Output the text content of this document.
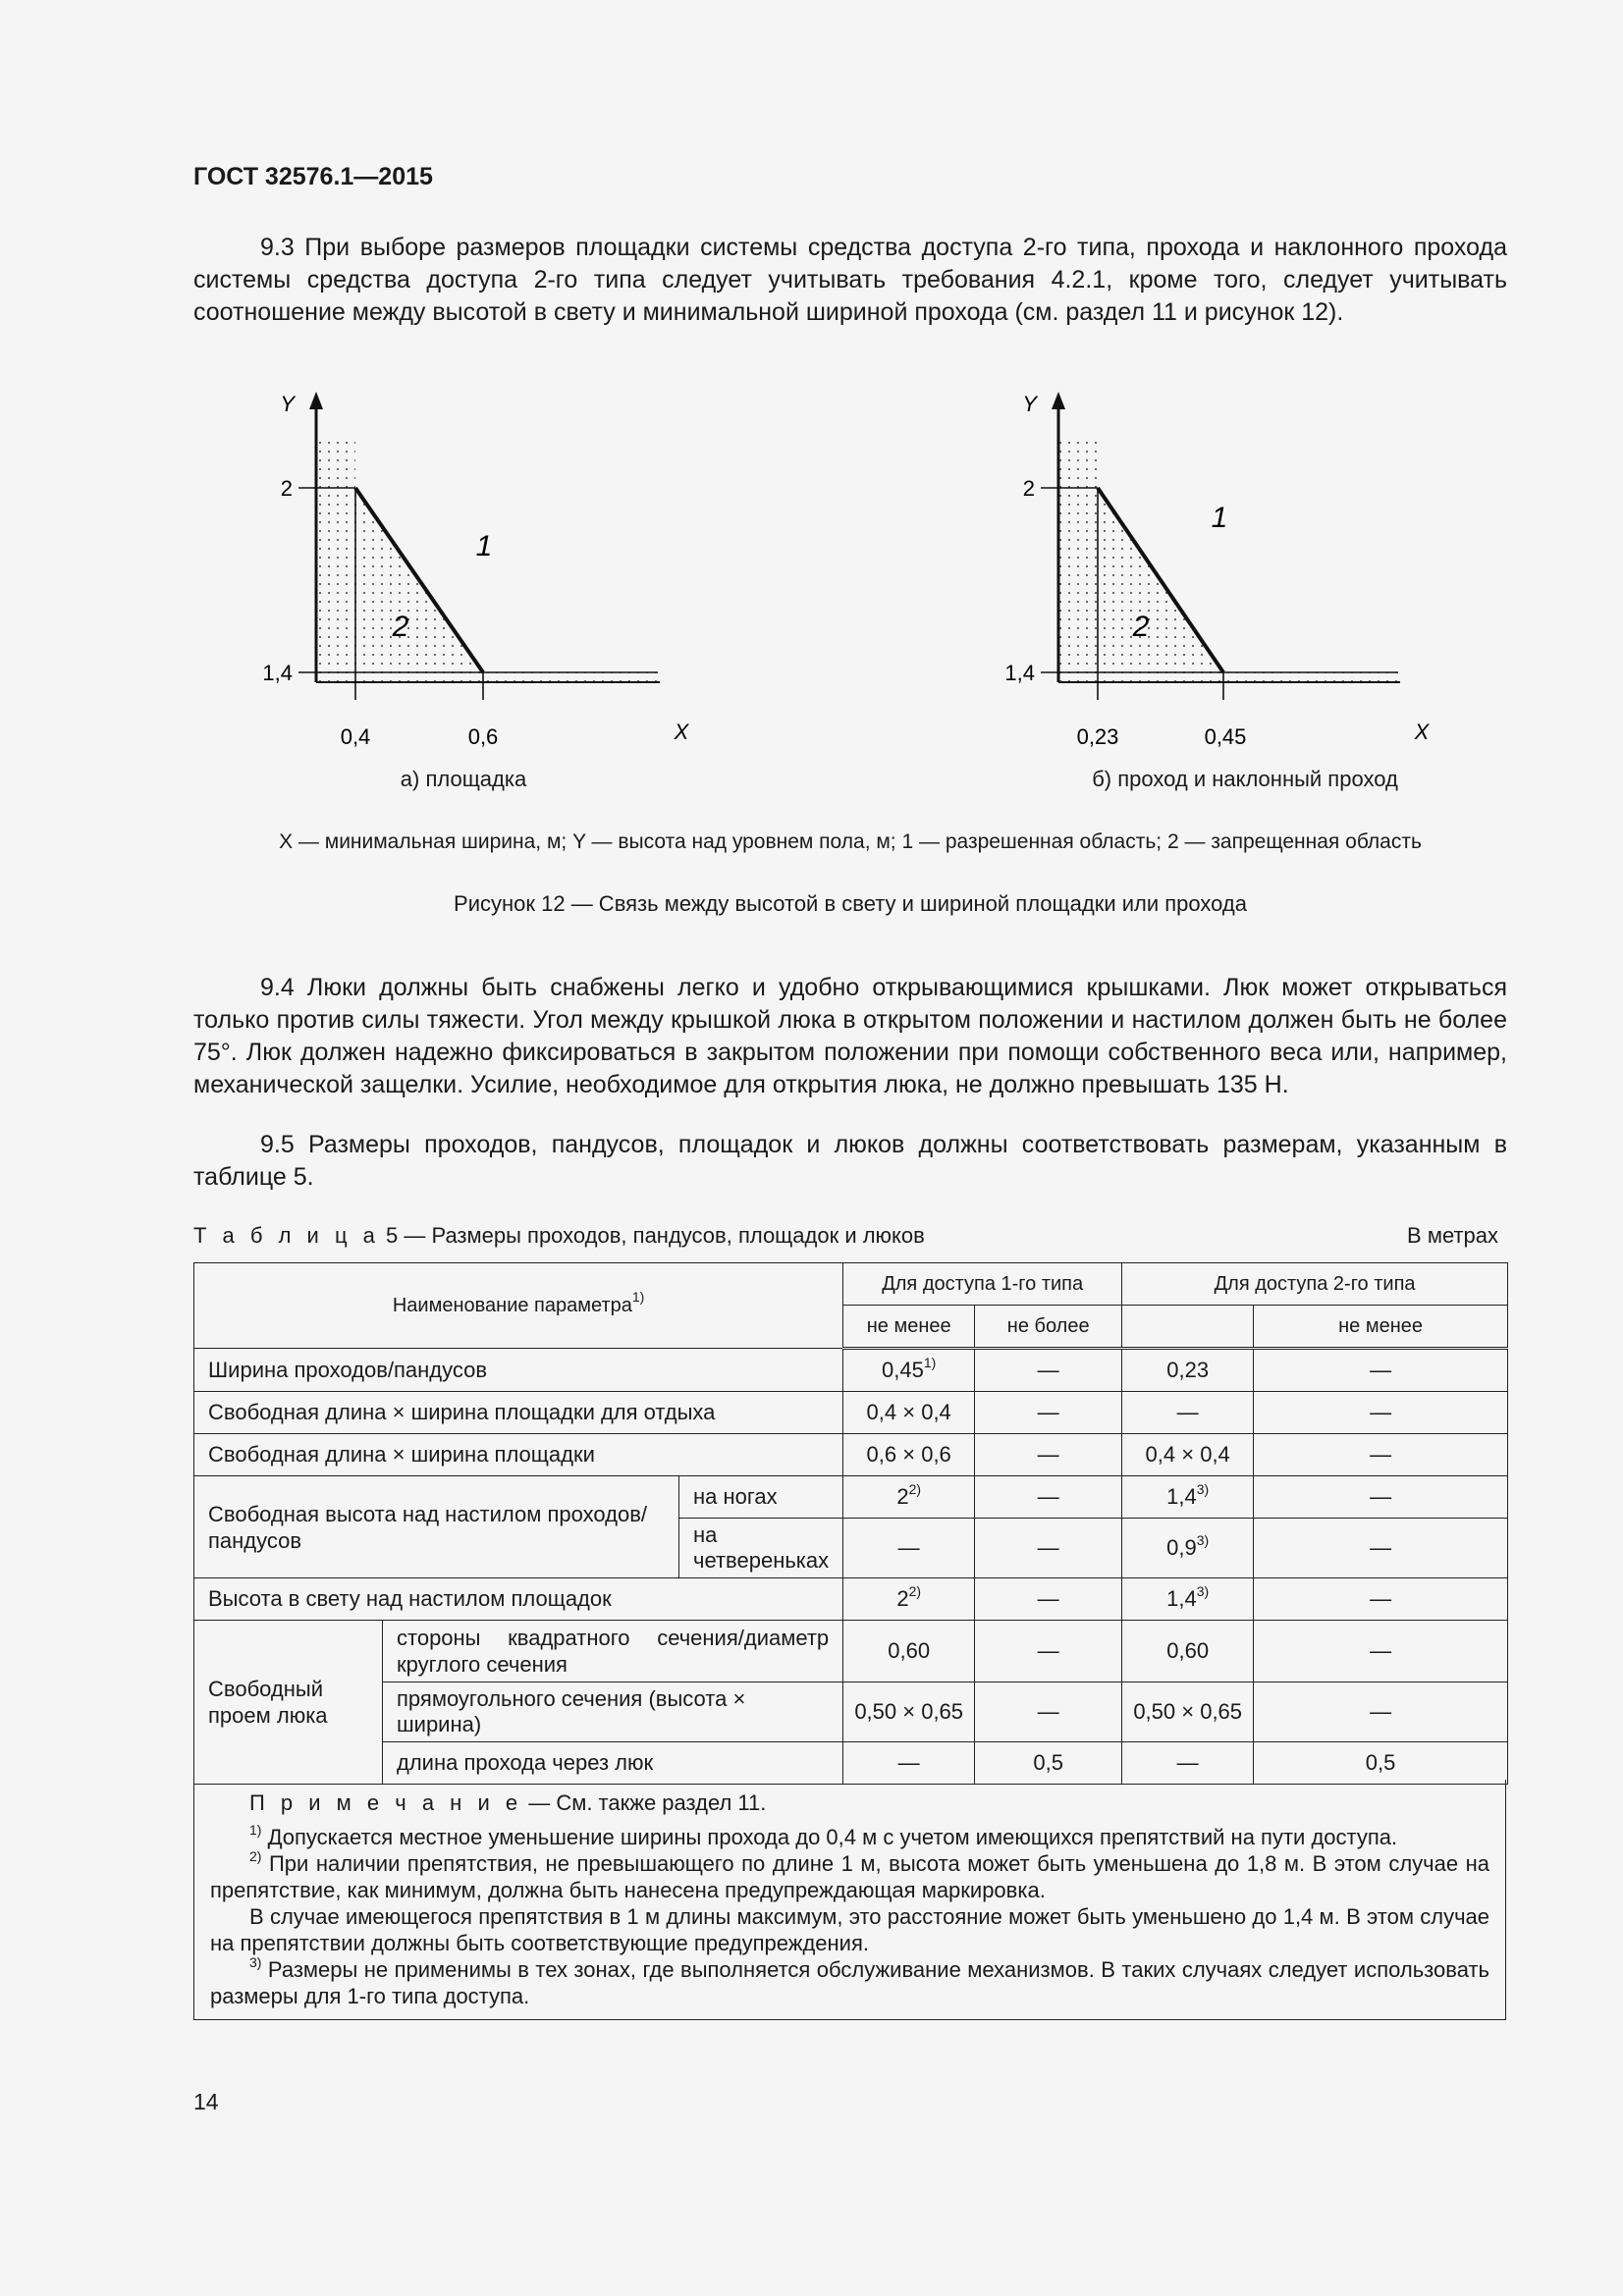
ГОСТ 32576.1—2015

9.3 При выборе размеров площадки системы средства доступа 2-го типа, прохода и наклонного прохода системы средства доступа 2-го типа следует учитывать требования 4.2.1, кроме того, следует учитывать соотношение между высотой в свету и минимальной шириной прохода (см. раздел 11 и рисунок 12).

Y
2
1,4
0,4	0,6	X
1
2
а) площадка
Y
2
1,4
0,23	0,45	X
1
2
б) проход и наклонный проход
X — минимальная ширина, м; Y — высота над уровнем пола, м; 1 — разрешенная область; 2 — запрещенная область
Рисунок 12 — Связь между высотой в свету и шириной площадки или прохода

9.4 Люки должны быть снабжены легко и удобно открывающимися крышками. Люк может открываться только против силы тяжести. Угол между крышкой люка в открытом положении и настилом должен быть не более 75°. Люк должен надежно фиксироваться в закрытом положении при помощи собственного веса или, например, механической защелки. Усилие, необходимое для открытия люка, не должно превышать 135 Н.

9.5 Размеры проходов, пандусов, площадок и люков должны соответствовать размерам, указанным в таблице 5.

Т а б л и ц а 5 — Размеры проходов, пандусов, площадок и люков	В метрах
Наименование параметра$^{1)}$			Для доступа 1-го типа		Для доступа 2-го типа	
			не менее	не более		не менее
Ширина проходов/пандусов			0,45$^{1)}$	—	0,23	—
Свободная длина × ширина площадки для отдыха			0,4 × 0,4	—	—	—
Свободная длина × ширина площадки			0,6 × 0,6	—	0,4 × 0,4	—
Свободная высота над настилом проходов/пандусов		на ногах	2$^{2)}$	—	1,4$^{3)}$	—
		на четвереньках	—	—	0,9$^{3)}$	—
Высота в свету над настилом площадок			2$^{2)}$	—	1,4$^{3)}$	—
Свободный проем люка	стороны квадратного сечения/диаметр круглого сечения		0,60	—	0,60	—
	прямоугольного сечения (высота × ширина)		0,50 × 0,65	—	0,50 × 0,65	—
	длина прохода через люк		—	0,5	—	0,5

П р и м е ч а н и е — См. также раздел 11.

$^{1)}$ Допускается местное уменьшение ширины прохода до 0,4 м с учетом имеющихся препятствий на пути доступа.

$^{2)}$ При наличии препятствия, не превышающего по длине 1 м, высота может быть уменьшена до 1,8 м. В этом случае на препятствие, как минимум, должна быть нанесена предупреждающая маркировка.

В случае имеющегося препятствия в 1 м длины максимум, это расстояние может быть уменьшено до 1,4 м. В этом случае на препятствии должны быть соответствующие предупреждения.

$^{3)}$ Размеры не применимы в тех зонах, где выполняется обслуживание механизмов. В таких случаях следует использовать размеры для 1-го типа доступа.

14
